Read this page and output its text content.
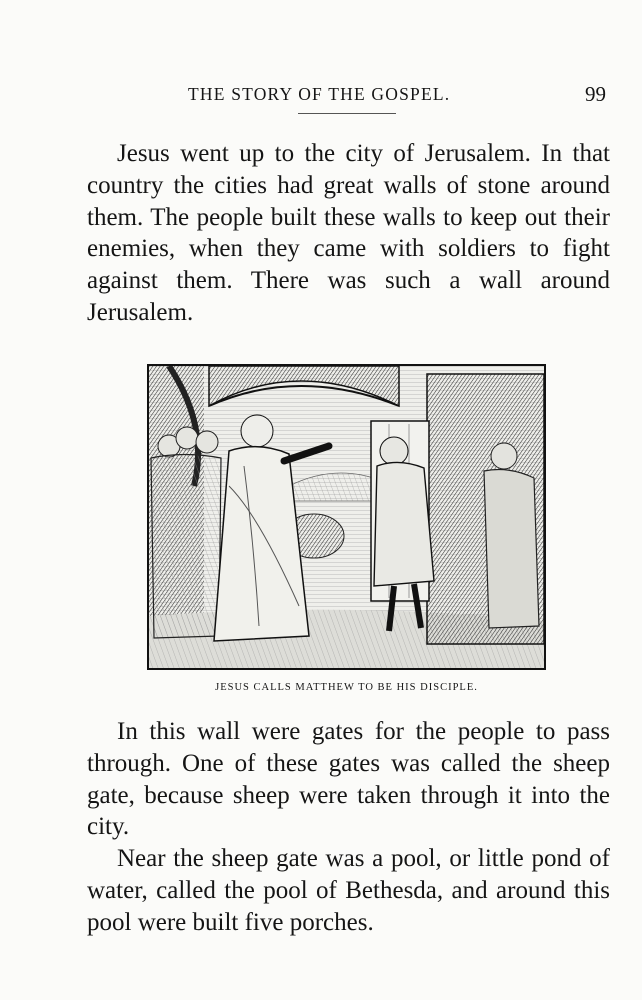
THE STORY OF THE GOSPEL.	99

Jesus went up to the city of Jerusalem. In that country the cities had great walls of stone around them. The people built these walls to keep out their enemies, when they came with soldiers to fight against them. There was such a wall around Jerusalem.

JESUS CALLS MATTHEW TO BE HIS DISCIPLE.

In this wall were gates for the people to pass through. One of these gates was called the sheep gate, because sheep were taken through it into the city.

Near the sheep gate was a pool, or little pond of water, called the pool of Bethesda, and around this pool were built five porches.
